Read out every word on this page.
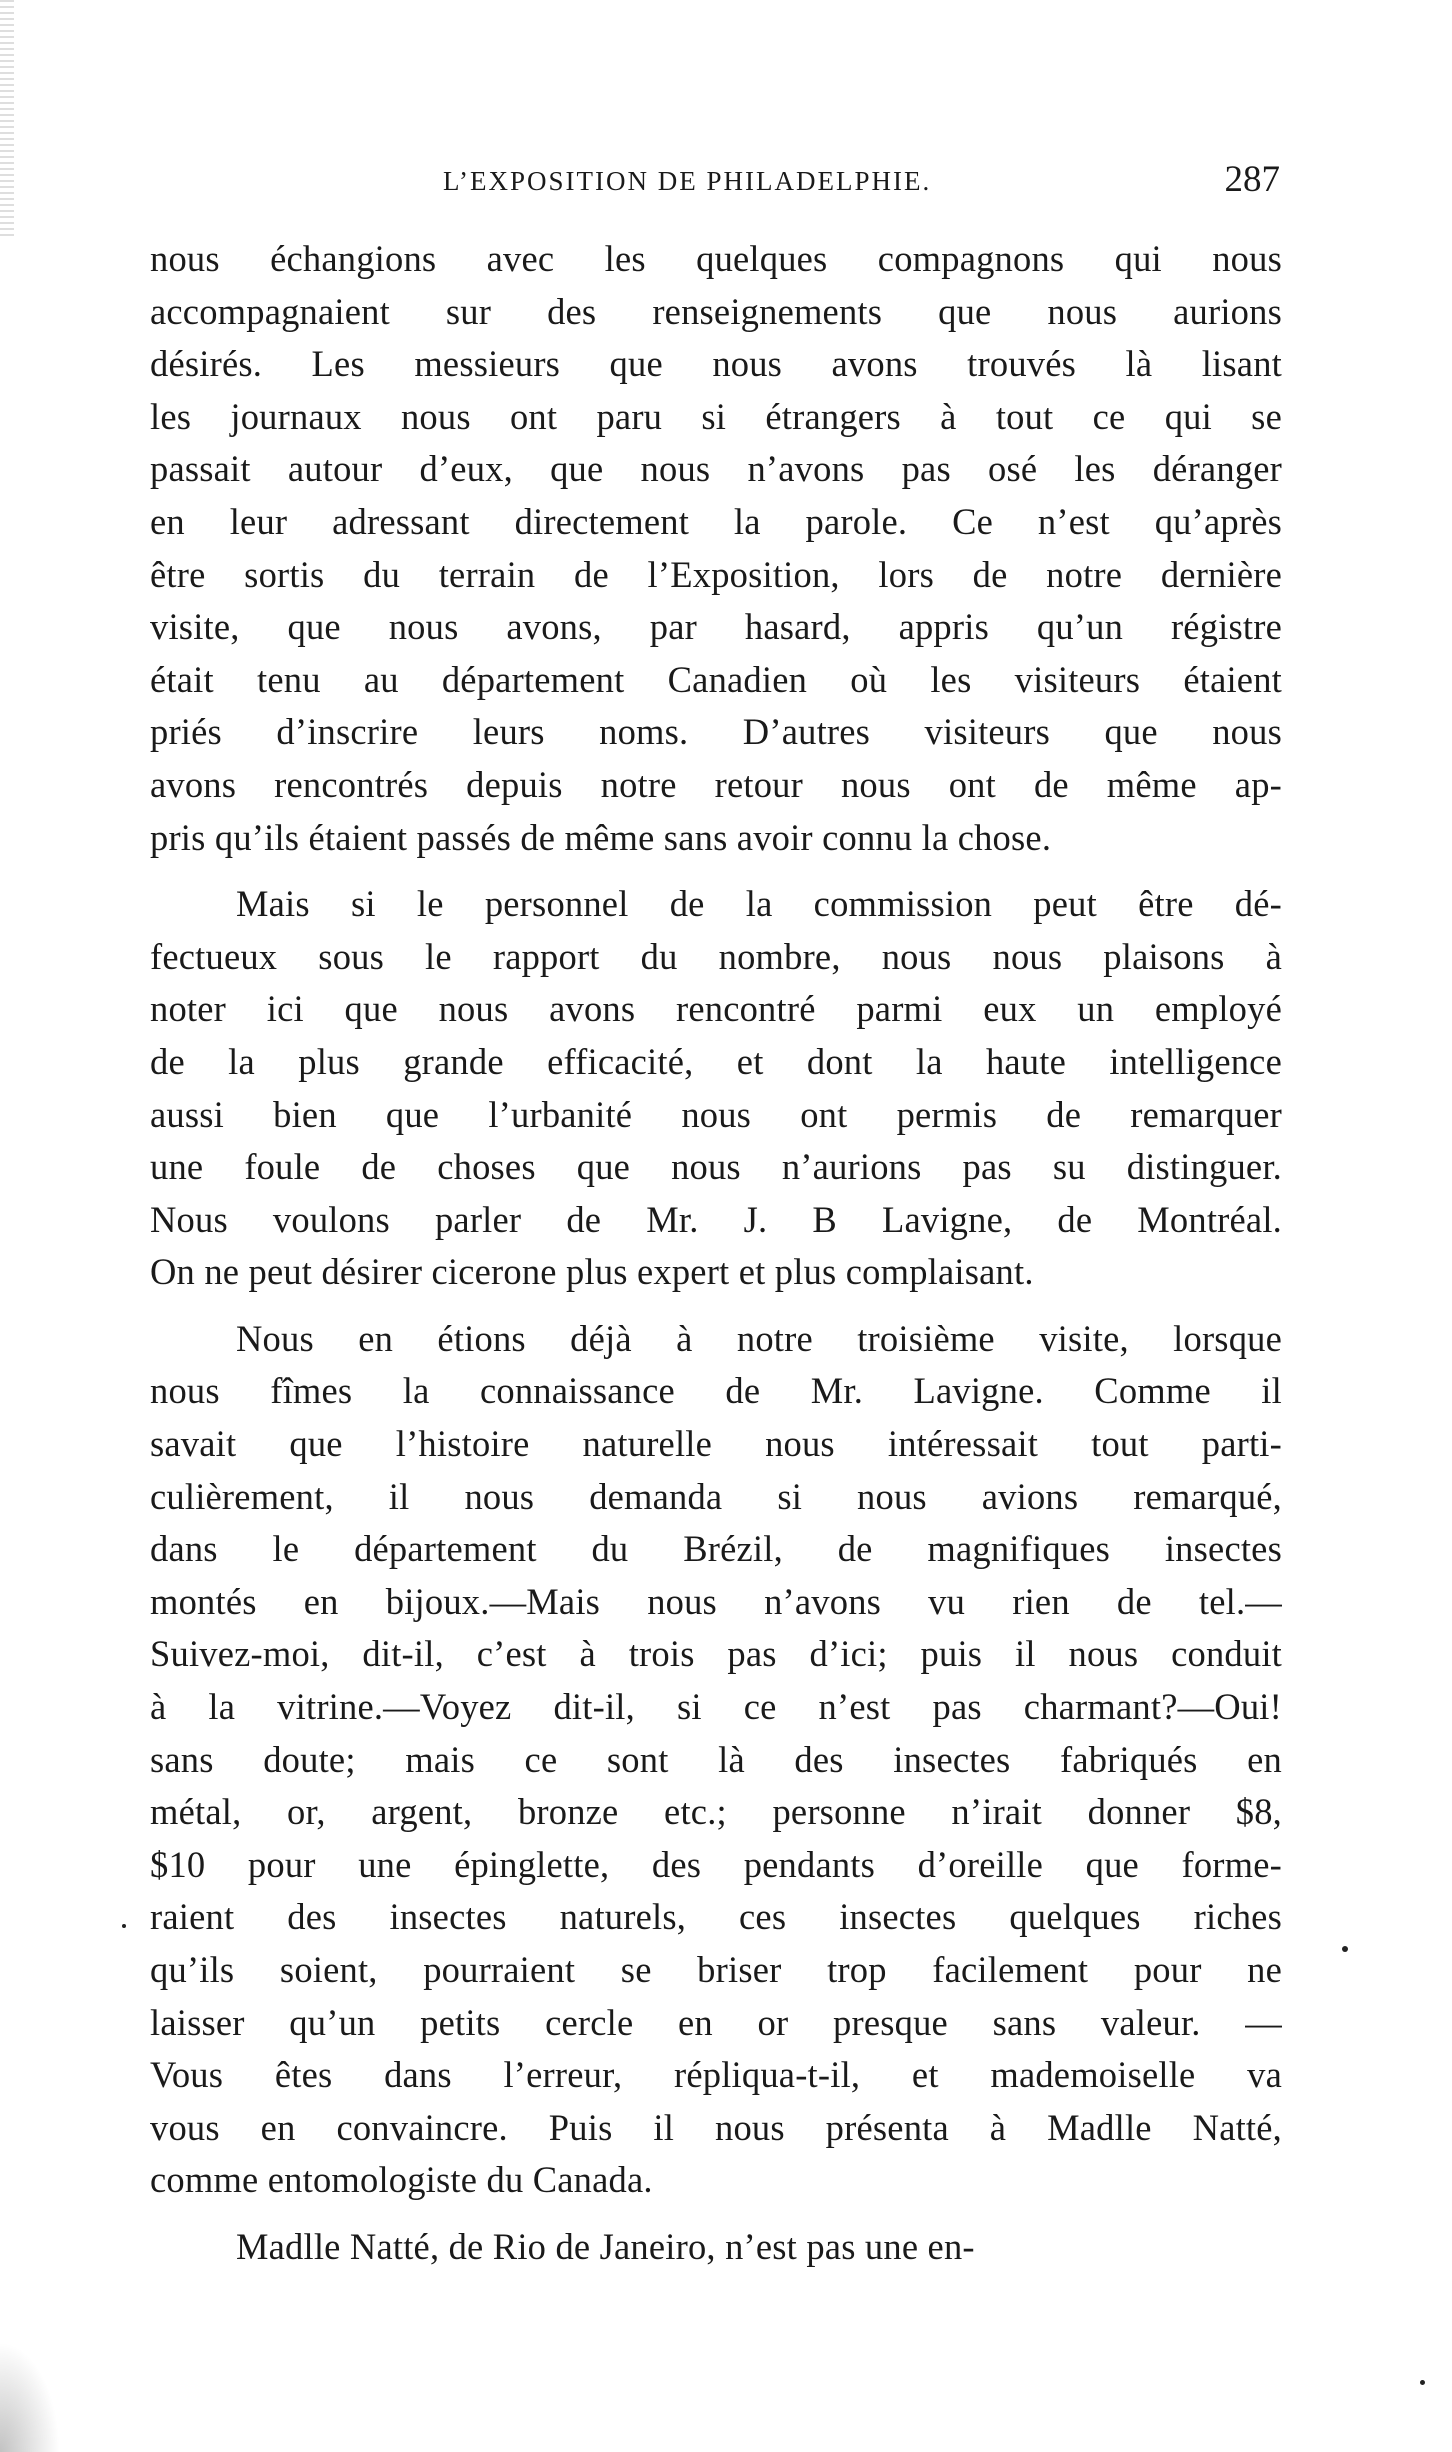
L’EXPOSITION DE PHILADELPHIE.	287
nous échangions avec les quelques compagnons qui nous
accompagnaient sur des renseignements que nous aurions
désirés. Les messieurs que nous avons trouvés là lisant
les journaux nous ont paru si étrangers à tout ce qui se
passait autour d’eux, que nous n’avons pas osé les déranger
en leur adressant directement la parole. Ce n’est qu’après
être sortis du terrain de l’Exposition, lors de notre dernière
visite, que nous avons, par hasard, appris qu’un régistre
était tenu au département Canadien où les visiteurs étaient
priés d’inscrire leurs noms. D’autres visiteurs que nous
avons rencontrés depuis notre retour nous ont de même ap-
pris qu’ils étaient passés de même sans avoir connu la chose.
Mais si le personnel de la commission peut être dé-
fectueux sous le rapport du nombre, nous nous plaisons à
noter ici que nous avons rencontré parmi eux un employé
de la plus grande efficacité, et dont la haute intelligence
aussi bien que l’urbanité nous ont permis de remarquer
une foule de choses que nous n’aurions pas su distinguer.
Nous voulons parler de Mr. J. B Lavigne, de Montréal.
On ne peut désirer cicerone plus expert et plus complaisant.
Nous en étions déjà à notre troisième visite, lorsque
nous fîmes la connaissance de Mr. Lavigne. Comme il
savait que l’histoire naturelle nous intéressait tout parti-
culièrement, il nous demanda si nous avions remarqué,
dans le département du Brézil, de magnifiques insectes
montés en bijoux.—Mais nous n’avons vu rien de tel.—
Suivez-moi, dit-il, c’est à trois pas d’ici; puis il nous conduit
à la vitrine.—Voyez dit-il, si ce n’est pas charmant?—Oui!
sans doute; mais ce sont là des insectes fabriqués en
métal, or, argent, bronze etc.; personne n’irait donner $8,
$10 pour une épinglette, des pendants d’oreille que forme-
raient des insectes naturels, ces insectes quelques riches
qu’ils soient, pourraient se briser trop facilement pour ne
laisser qu’un petits cercle en or presque sans valeur. —
Vous êtes dans l’erreur, répliqua-t-il, et mademoiselle va
vous en convaincre. Puis il nous présenta à Madlle Natté,
comme entomologiste du Canada.
Madlle Natté, de Rio de Janeiro, n’est pas une en-
